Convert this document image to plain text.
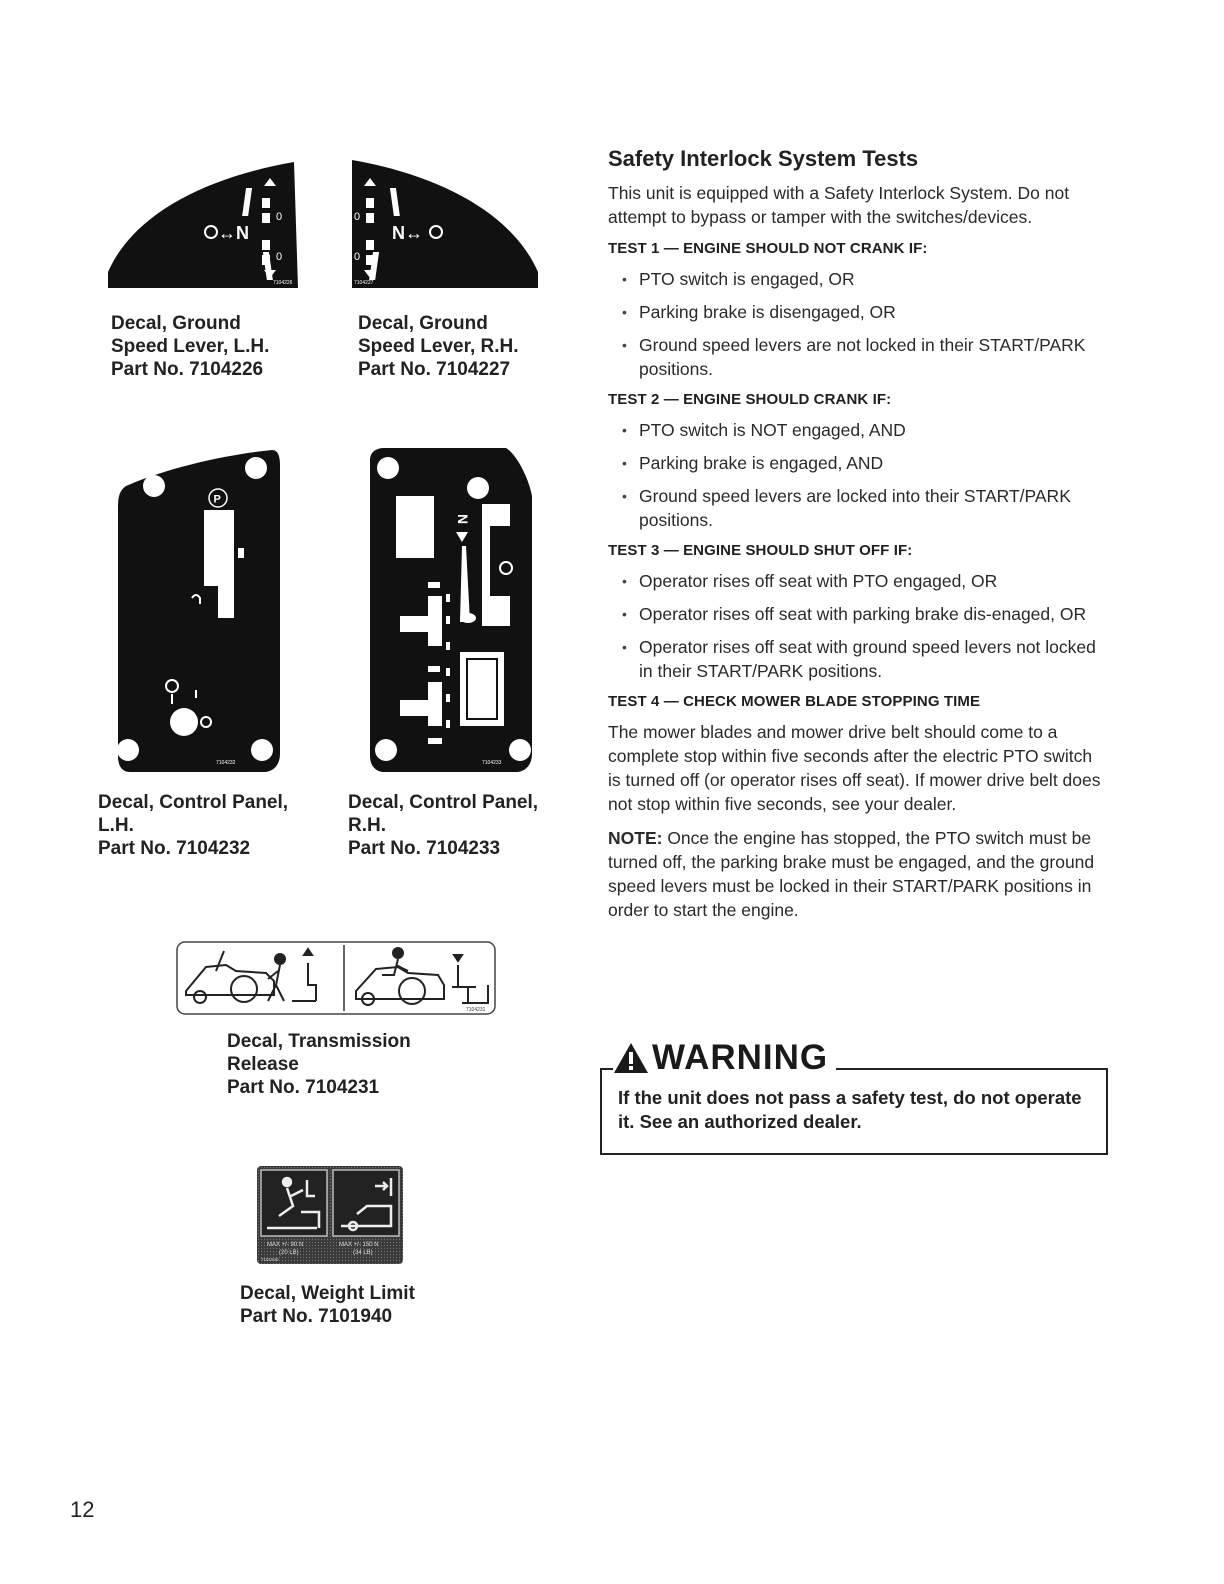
↔N
0
0
7104226
Decal, Ground
Speed Lever, L.H.
Part No. 7104226
0
0
N↔
7104227
Decal, Ground
Speed Lever, R.H.
Part No. 7104227
P
7104232
Decal, Control Panel,
L.H.
Part No. 7104232
N
7104233
Decal, Control Panel,
R.H.
Part No. 7104233
7104231
Decal, Transmission
Release
Part No. 7104231
MAX +/- 90 N
(20 LB)
MAX +/- 150 N
(34 LB)
7101940
Decal, Weight Limit
Part No. 7101940
Safety Interlock System Tests

This unit is equipped with a Safety Interlock System. Do not attempt to bypass or tamper with the switches/devices.

TEST 1 — ENGINE SHOULD NOT CRANK IF:
• PTO switch is engaged, OR
• Parking brake is disengaged, OR
• Ground speed levers are not locked in their START/PARK positions.
TEST 2 — ENGINE SHOULD CRANK IF:
• PTO switch is NOT engaged, AND
• Parking brake is engaged, AND
• Ground speed levers are locked into their START/PARK positions.
TEST 3 — ENGINE SHOULD SHUT OFF IF:
• Operator rises off seat with PTO engaged, OR
• Operator rises off seat with parking brake dis-enaged, OR
• Operator rises off seat with ground speed levers not locked in their START/PARK positions.
TEST 4 — CHECK MOWER BLADE STOPPING TIME

The mower blades and mower drive belt should come to a complete stop within five seconds after the electric PTO switch is turned off (or operator rises off seat). If mower drive belt does not stop within five seconds, see your dealer.

NOTE: Once the engine has stopped, the PTO switch must be turned off, the parking brake must be engaged, and the ground speed levers must be locked in their START/PARK positions in order to start the engine.

WARNING
If the unit does not pass a safety test, do not operate it. See an authorized dealer.
12
